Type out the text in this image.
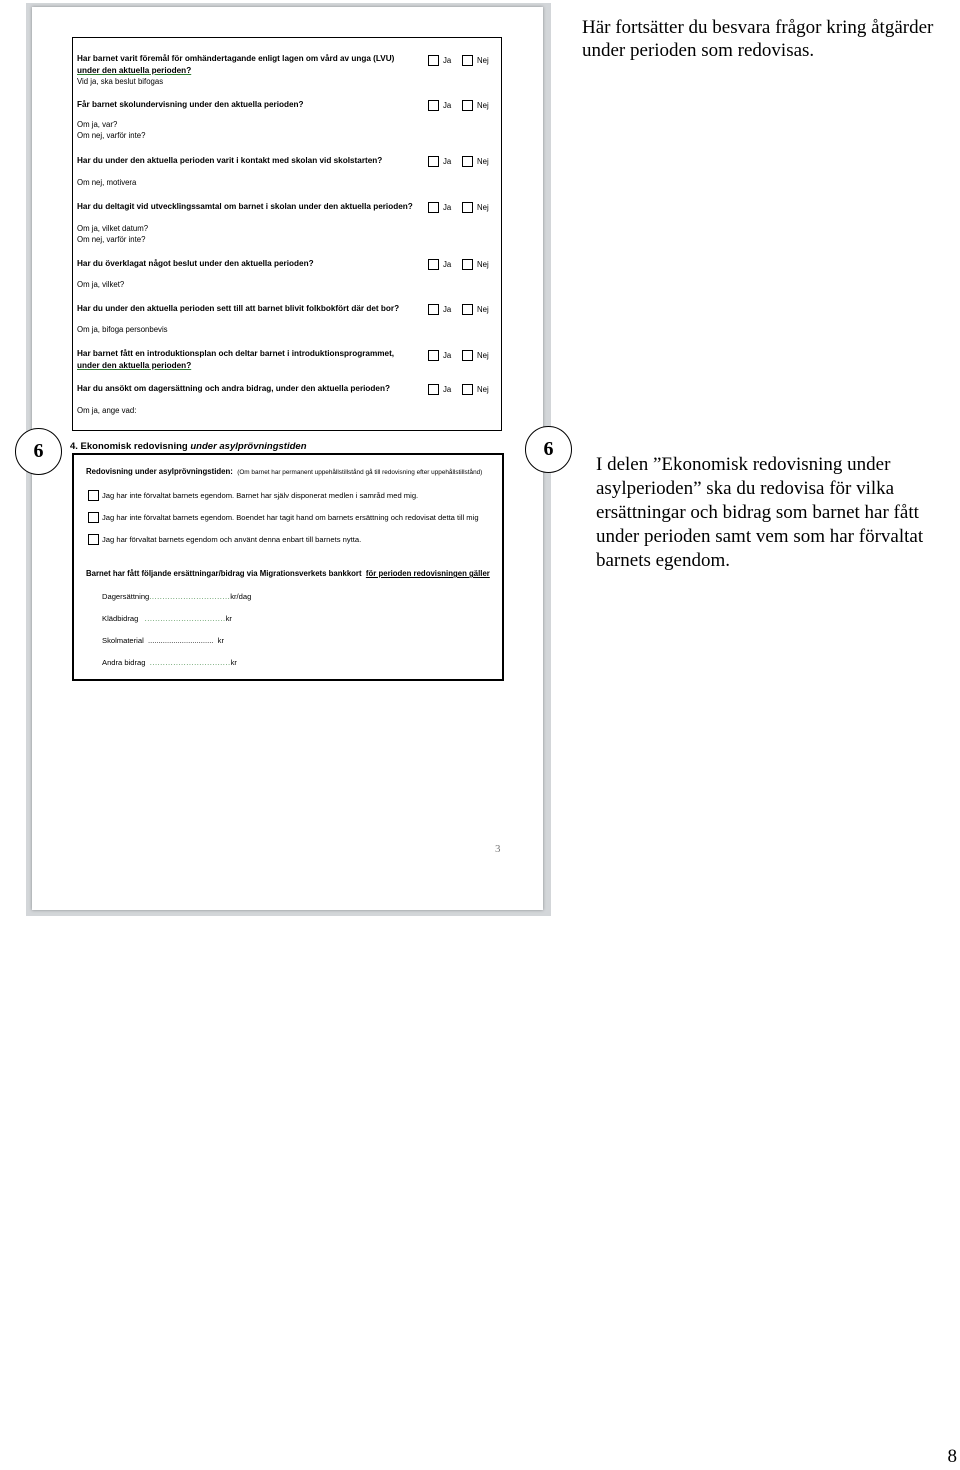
Har barnet varit föremål för omhändertagande enligt lagen om vård av unga (LVU)
under den aktuella perioden?
Vid ja, ska beslut bifogas
Ja	Nej
Får barnet skolundervisning under den aktuella perioden?
Om ja, var?
Om nej, varför inte?
Ja	Nej
Har du under den aktuella perioden varit i kontakt med skolan vid skolstarten?
Om nej, motivera
Ja	Nej
Har du deltagit vid utvecklingssamtal om barnet i skolan under den aktuella perioden?
Om ja, vilket datum?
Om nej, varför inte?
Ja	Nej
Har du överklagat något beslut under den aktuella perioden?
Om ja, vilket?
Ja	Nej
Har du under den aktuella perioden sett till att barnet blivit folkbokfört där det bor?
Om ja, bifoga personbevis
Ja	Nej
Har barnet fått en introduktionsplan och deltar barnet i introduktionsprogrammet,
under den aktuella perioden?
Ja	Nej
Har du ansökt om dagersättning och andra bidrag, under den aktuella perioden?
Om ja, ange vad:
Ja	Nej
4. Ekonomisk redovisning under asylprövningstiden
Redovisning under asylprövningstiden: (Om barnet har permanent uppehållstillstånd gå till redovisning efter uppehållstillstånd)
Jag har inte förvaltat barnets egendom. Barnet har själv disponerat medlen i samråd med mig.
Jag har inte förvaltat barnets egendom. Boendet har tagit hand om barnets ersättning och redovisat detta till mig
Jag har förvaltat barnets egendom och använt denna enbart till barnets nytta.
Barnet har fått följande ersättningar/bidrag via Migrationsverkets bankkort för perioden redovisningen gäller
Dagersättning...............................kr/dag
Klädbidrag ...............................kr
Skolmaterial ............................... kr
Andra bidrag ...............................kr
3
Här fortsätter du besvara frågor kring åtgärder under perioden som redovisas.
6	6
I delen ”Ekonomisk redovisning under asylperioden” ska du redovisa för vilka ersättningar och bidrag som barnet har fått under perioden samt vem som har förvaltat barnets egendom.
8
